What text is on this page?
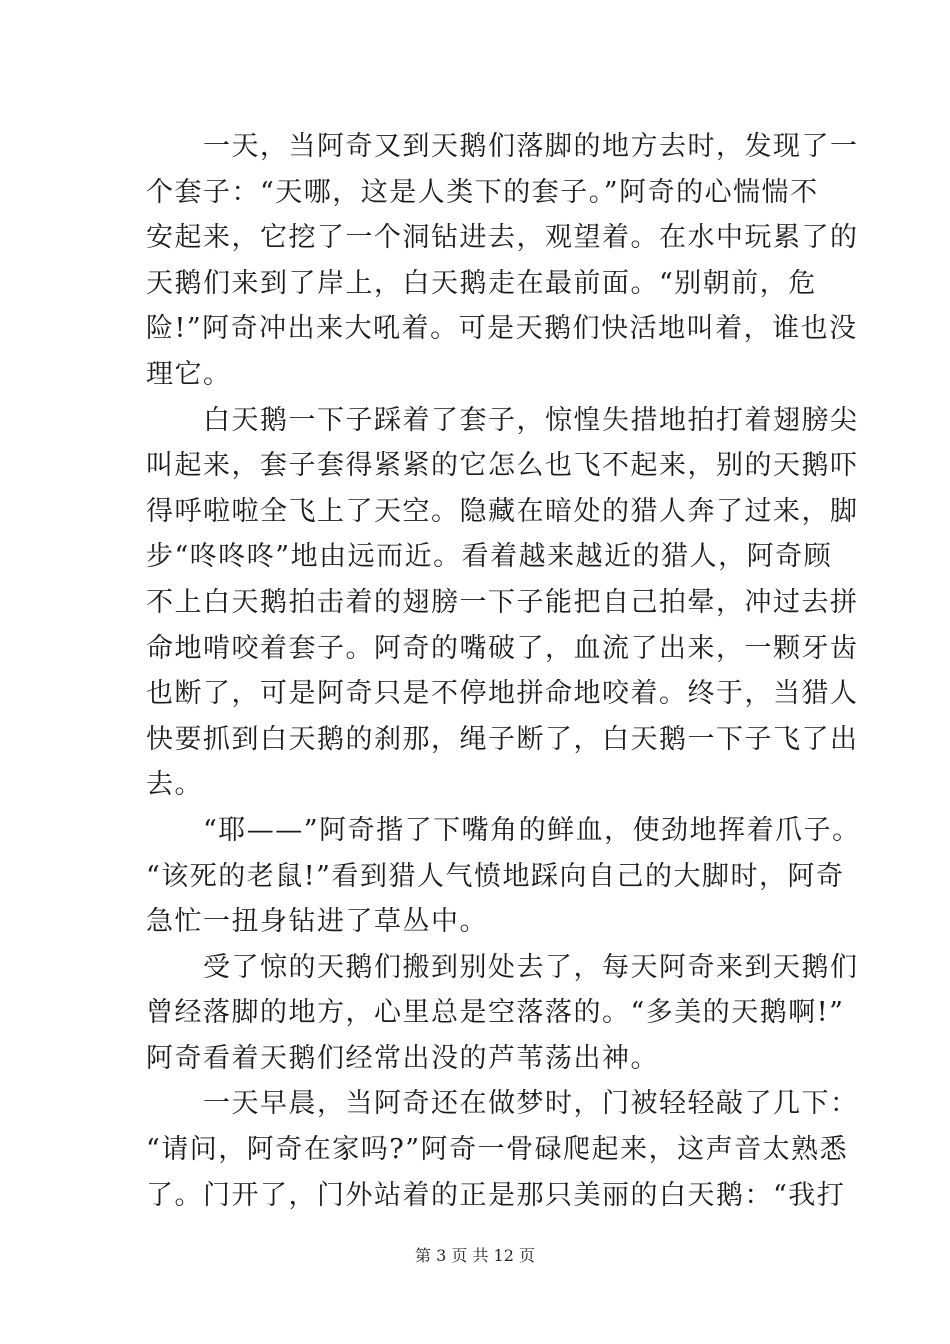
　　一天，当阿奇又到天鹅们落脚的地方去时，发现了一
个套子：“天哪，这是人类下的套子。”阿奇的心惴惴不
安起来，它挖了一个洞钻进去，观望着。在水中玩累了的
天鹅们来到了岸上，白天鹅走在最前面。“别朝前，危
险!”阿奇冲出来大吼着。可是天鹅们快活地叫着，谁也没
理它。
　　白天鹅一下子踩着了套子，惊惶失措地拍打着翅膀尖
叫起来，套子套得紧紧的它怎么也飞不起来，别的天鹅吓
得呼啦啦全飞上了天空。隐藏在暗处的猎人奔了过来，脚
步“咚咚咚”地由远而近。看着越来越近的猎人，阿奇顾
不上白天鹅拍击着的翅膀一下子能把自己拍晕，冲过去拼
命地啃咬着套子。阿奇的嘴破了，血流了出来，一颗牙齿
也断了，可是阿奇只是不停地拼命地咬着。终于，当猎人
快要抓到白天鹅的刹那，绳子断了，白天鹅一下子飞了出
去。
　　“耶——”阿奇揩了下嘴角的鲜血，使劲地挥着爪子。
“该死的老鼠!”看到猎人气愤地踩向自己的大脚时，阿奇
急忙一扭身钻进了草丛中。
　　受了惊的天鹅们搬到别处去了，每天阿奇来到天鹅们
曾经落脚的地方，心里总是空落落的。“多美的天鹅啊!”
阿奇看着天鹅们经常出没的芦苇荡出神。
　　一天早晨，当阿奇还在做梦时，门被轻轻敲了几下：
“请问，阿奇在家吗?”阿奇一骨碌爬起来，这声音太熟悉
了。门开了，门外站着的正是那只美丽的白天鹅：“我打
第 3 页 共 12 页
